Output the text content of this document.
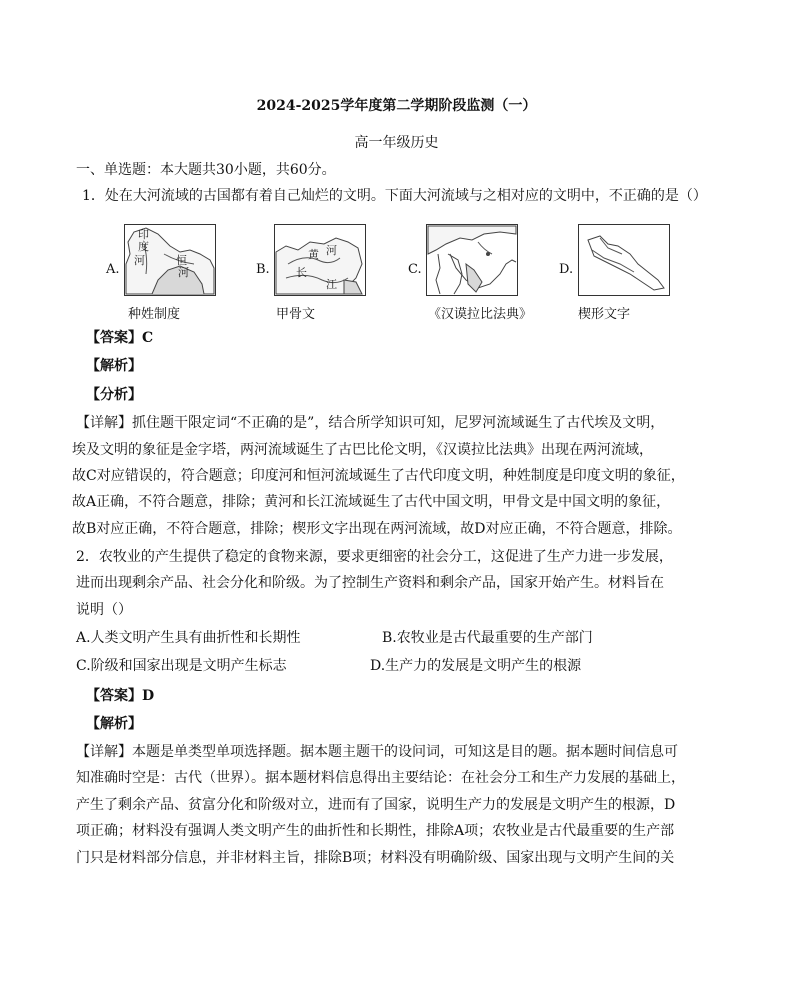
2024-2025学年度第二学期阶段监测（一）
高一年级历史
一、单选题：本大题共30小题，共60分。
1．处在大河流域的古国都有着自己灿烂的文明。下面大河流域与之相对应的文明中，不正确的是（）
A.
印
度
河	恒
河
种姓制度
B.
黄 河
长
江
甲骨文
C.
《汉谟拉比法典》
D.
楔形文字
【答案】C
【解析】
【分析】
【详解】抓住题干限定词“不正确的是”，结合所学知识可知，尼罗河流域诞生了古代埃及文明，
埃及文明的象征是金字塔，两河流域诞生了古巴比伦文明，《汉谟拉比法典》出现在两河流域，
故C对应错误的，符合题意；印度河和恒河流域诞生了古代印度文明，种姓制度是印度文明的象征，
故A正确，不符合题意，排除；黄河和长江流域诞生了古代中国文明，甲骨文是中国文明的象征，
故B对应正确，不符合题意，排除；楔形文字出现在两河流域，故D对应正确，不符合题意，排除。
2．农牧业的产生提供了稳定的食物来源，要求更细密的社会分工，这促进了生产力进一步发展，
进而出现剩余产品、社会分化和阶级。为了控制生产资料和剩余产品，国家开始产生。材料旨在
说明（）
A.人类文明产生具有曲折性和长期性	B.农牧业是古代最重要的生产部门
C.阶级和国家出现是文明产生标志	D.生产力的发展是文明产生的根源
【答案】D
【解析】
【详解】本题是单类型单项选择题。据本题主题干的设问词，可知这是目的题。据本题时间信息可
知准确时空是：古代（世界）。据本题材料信息得出主要结论：在社会分工和生产力发展的基础上，
产生了剩余产品、贫富分化和阶级对立，进而有了国家，说明生产力的发展是文明产生的根源，D
项正确；材料没有强调人类文明产生的曲折性和长期性，排除A项；农牧业是古代最重要的生产部
门只是材料部分信息，并非材料主旨，排除B项；材料没有明确阶级、国家出现与文明产生间的关
